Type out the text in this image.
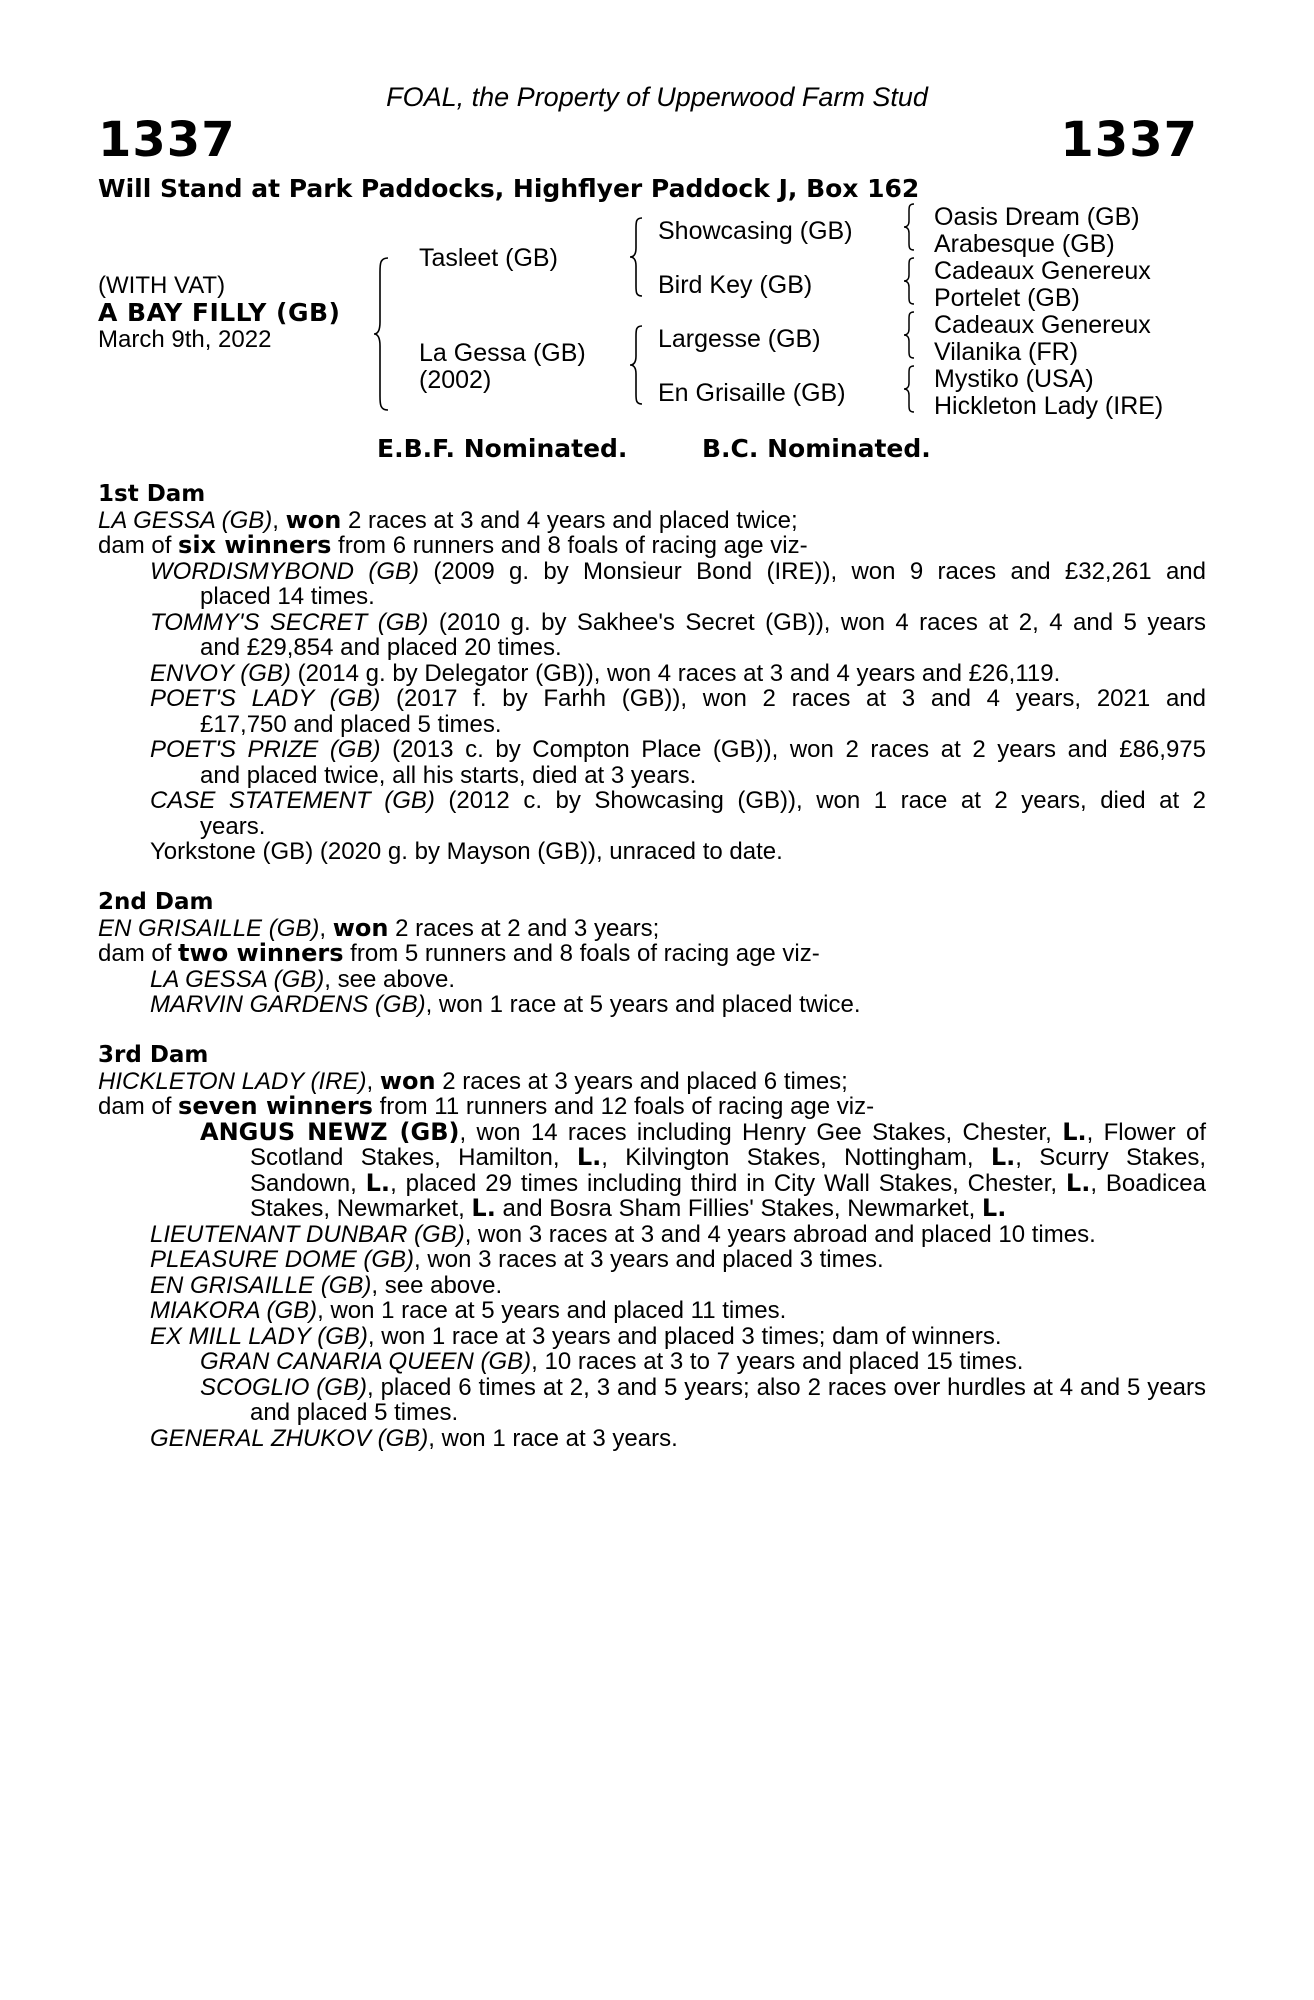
FOAL, the Property of Upperwood Farm Stud
1337	1337
Will Stand at Park Paddocks, Highflyer Paddock J, Box 162
(WITH VAT)
A BAY FILLY (GB)
March 9th, 2022
Tasleet (GB)
La Gessa (GB)
(2002)
Showcasing (GB)
Bird Key (GB)
Largesse (GB)
En Grisaille (GB)
Oasis Dream (GB)
Arabesque (GB)
Cadeaux Genereux
Portelet (GB)
Cadeaux Genereux
Vilanika (FR)
Mystiko (USA)
Hickleton Lady (IRE)
E.B.F. Nominated.	B.C. Nominated.
1st Dam
LA GESSA (GB), won 2 races at 3 and 4 years and placed twice;
dam of six winners from 6 runners and 8 foals of racing age viz-
WORDISMYBOND (GB) (2009 g. by Monsieur Bond (IRE)), won 9 races and £32,261 and
placed 14 times.
TOMMY'S SECRET (GB) (2010 g. by Sakhee's Secret (GB)), won 4 races at 2, 4 and 5 years
and £29,854 and placed 20 times.
ENVOY (GB) (2014 g. by Delegator (GB)), won 4 races at 3 and 4 years and £26,119.
POET'S LADY (GB) (2017 f. by Farhh (GB)), won 2 races at 3 and 4 years, 2021 and
£17,750 and placed 5 times.
POET'S PRIZE (GB) (2013 c. by Compton Place (GB)), won 2 races at 2 years and £86,975
and placed twice, all his starts, died at 3 years.
CASE STATEMENT (GB) (2012 c. by Showcasing (GB)), won 1 race at 2 years, died at 2
years.
Yorkstone (GB) (2020 g. by Mayson (GB)), unraced to date.
2nd Dam
EN GRISAILLE (GB), won 2 races at 2 and 3 years;
dam of two winners from 5 runners and 8 foals of racing age viz-
LA GESSA (GB), see above.
MARVIN GARDENS (GB), won 1 race at 5 years and placed twice.
3rd Dam
HICKLETON LADY (IRE), won 2 races at 3 years and placed 6 times;
dam of seven winners from 11 runners and 12 foals of racing age viz-
ANGUS NEWZ (GB), won 14 races including Henry Gee Stakes, Chester, L., Flower of Scotland Stakes, Hamilton, L., Kilvington Stakes, Nottingham, L., Scurry Stakes, Sandown, L., placed 29 times including third in City Wall Stakes, Chester, L., Boadicea Stakes, Newmarket, L. and Bosra Sham Fillies' Stakes, Newmarket, L.
LIEUTENANT DUNBAR (GB), won 3 races at 3 and 4 years abroad and placed 10 times.
PLEASURE DOME (GB), won 3 races at 3 years and placed 3 times.
EN GRISAILLE (GB), see above.
MIAKORA (GB), won 1 race at 5 years and placed 11 times.
EX MILL LADY (GB), won 1 race at 3 years and placed 3 times; dam of winners.
GRAN CANARIA QUEEN (GB), 10 races at 3 to 7 years and placed 15 times.
SCOGLIO (GB), placed 6 times at 2, 3 and 5 years; also 2 races over hurdles at 4 and 5 years and placed 5 times.
GENERAL ZHUKOV (GB), won 1 race at 3 years.
